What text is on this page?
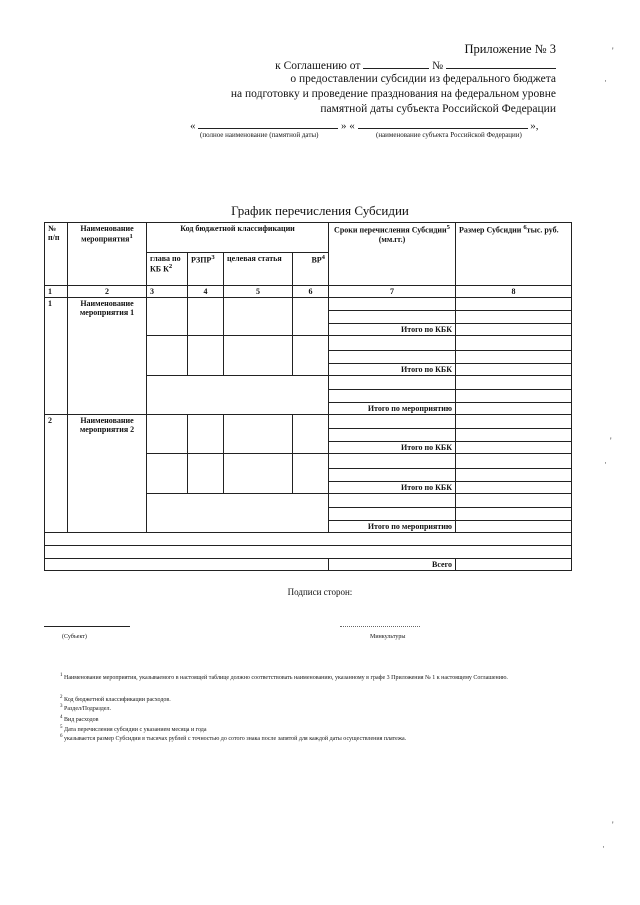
Приложение № 3
к Соглашению от	№
о предоставлении субсидии из федерального бюджета
на подготовку и проведение празднования на федеральном уровне
памятной даты субъекта Российской Федерации
«	» «	»,
(полное наименование (памятной даты)	(наименование субъекта Российской Федерации)
График перечисления Субсидии
№ п/п	Наименование мероприятия$^1$	Код бюджетной классификации				Сроки перечисления Субсидии$^5$ (мм.гг.)	Размер Субсидии $^6$тыс. руб.
		глава по КБ $К^2$	РЗПР$^3$	целевая статья	$ВР^4$
1	2	3	4	5	6	7	8
1	Наименование мероприятия 1						

						Итого по КБК	

						Итого по КБК	

						Итого по мероприятию	
2	Наименование мероприятия 2						

						Итого по КБК	

						Итого по КБК	

						Итого по мероприятию	

						Всего	
Подписи сторон:
(Субъект)	Минкультуры
$^1$ Наименование мероприятия, указываемого в настоящей таблице должно соответствовать наименованию, указанному в графе 3 Приложения № 1 к настоящему Соглашению.
$^2$ Код бюджетной классификации расходов.
$^3$ Раздел/Подраздел.
$^4$ Вид расходов
$^5$ Дата перечисления субсидии с указанием месяца и года
$^6$ указывается размер Субсидии в тысячах рублей с точностью до сотого знака после запятой для каждой даты осуществления платежа.
'
·
'
·
'
·
